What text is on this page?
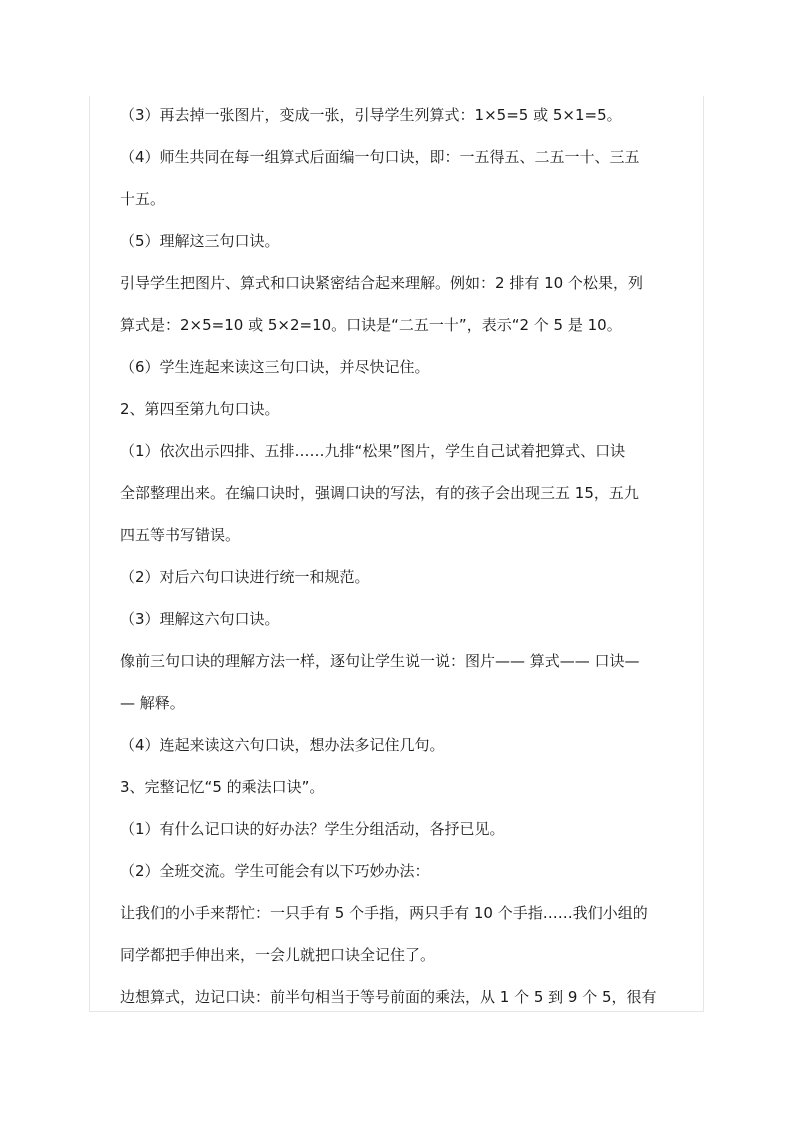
（3）再去掉一张图片，变成一张，引导学生列算式：1×5=5 或 5×1=5。
（4）师生共同在每一组算式后面编一句口诀，即：一五得五、二五一十、三五
十五。
（5）理解这三句口诀。
引导学生把图片、算式和口诀紧密结合起来理解。例如：2 排有 10 个松果，列
算式是：2×5=10 或 5×2=10。口诀是“二五一十”，表示“2 个 5 是 10。
（6）学生连起来读这三句口诀，并尽快记住。
2、第四至第九句口诀。
（1）依次出示四排、五排……九排“松果”图片，学生自己试着把算式、口诀
全部整理出来。在编口诀时，强调口诀的写法，有的孩子会出现三五 15，五九
四五等书写错误。
（2）对后六句口诀进行统一和规范。
（3）理解这六句口诀。
像前三句口诀的理解方法一样，逐句让学生说一说：图片—— 算式—— 口诀—
— 解释。
（4）连起来读这六句口诀，想办法多记住几句。
3、完整记忆“5 的乘法口诀”。
（1）有什么记口诀的好办法？学生分组活动，各抒已见。
（2）全班交流。学生可能会有以下巧妙办法：
让我们的小手来帮忙：一只手有 5 个手指，两只手有 10 个手指……我们小组的
同学都把手伸出来，一会儿就把口诀全记住了。
边想算式，边记口诀：前半句相当于等号前面的乘法，从 1 个 5 到 9 个 5，很有
